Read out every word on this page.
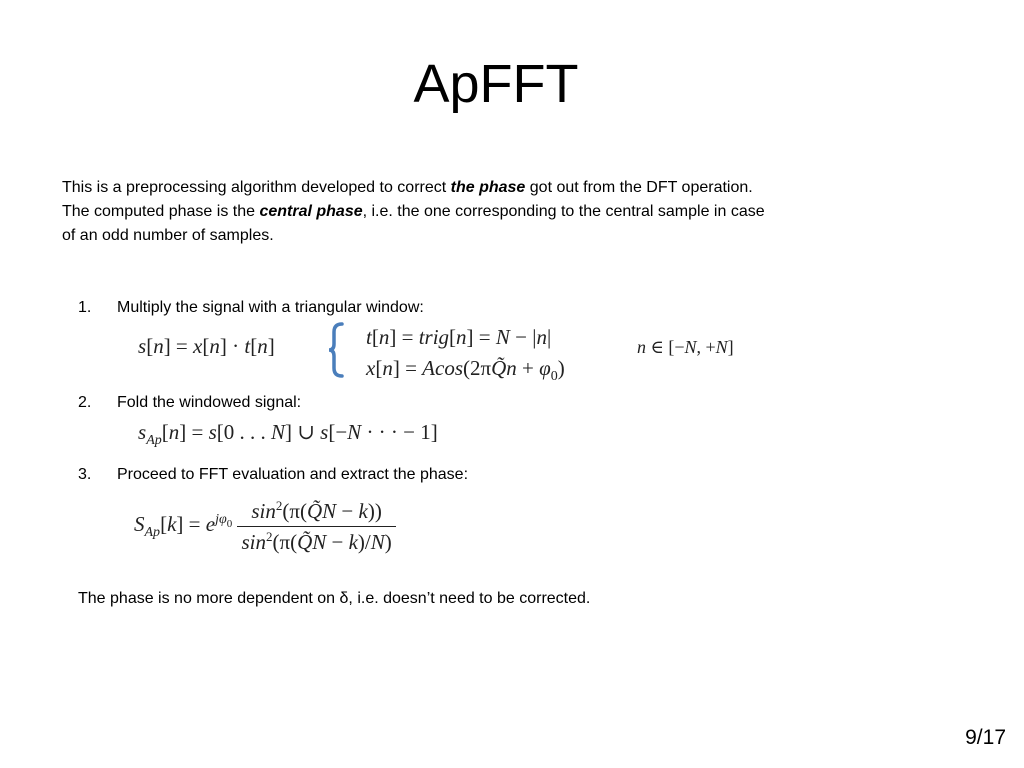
ApFFT
This is a preprocessing algorithm developed to correct the phase got out from the DFT operation. The computed phase is the central phase, i.e. the one corresponding to the central sample in case of an odd number of samples.
1. Multiply the signal with a triangular window:
s[n] = x[n] · t[n]	t[n] = trig[n] = N − |n|
x[n] = Acos(2πQ̃n + $\varphi_0$)
n ∈ [−N, +N]
2. Fold the windowed signal:
$s_{Ap}[n] = s[0$ . . . N] ∪ s[−N · · · − 1]
3. Proceed to FFT evaluation and extract the phase:
$S_{Ap}[k] = e^{j\varphi_0} \frac{\sin^2(\pi(Q̃N - k))}{\sin^2(\pi(Q̃N - k)/N)}$
The phase is no more dependent on δ, i.e. doesn’t need to be corrected.
9/17
